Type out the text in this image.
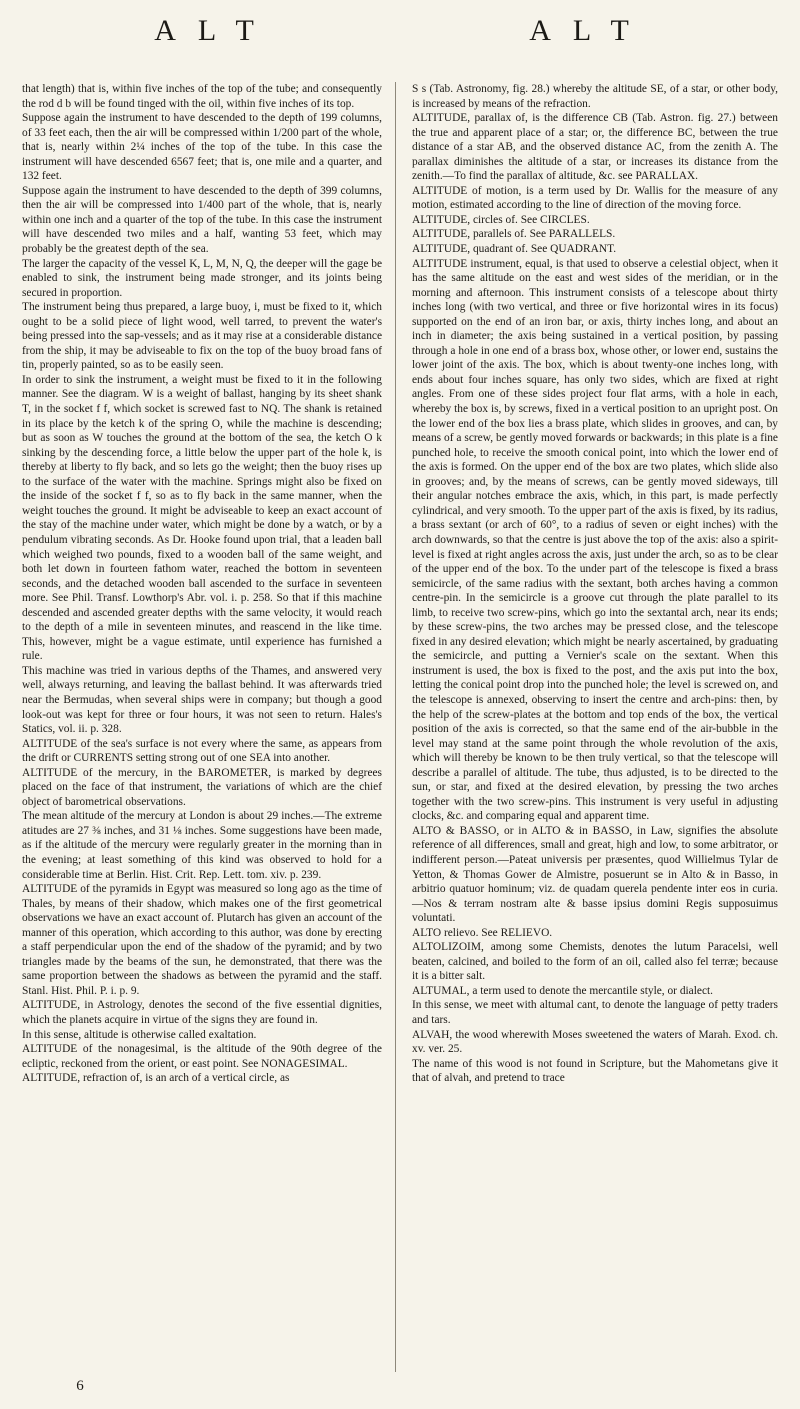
ALT	ALT

that length) that is, within five inches of the top of the tube; and consequently the rod d b will be found tinged with the oil, within five inches of its top.

Suppose again the instrument to have descended to the depth of 199 columns, of 33 feet each, then the air will be compressed within 1/200 part of the whole, that is, nearly within 2¼ inches of the top of the tube. In this case the instrument will have descended 6567 feet; that is, one mile and a quarter, and 132 feet.

Suppose again the instrument to have descended to the depth of 399 columns, then the air will be compressed into 1/400 part of the whole, that is, nearly within one inch and a quarter of the top of the tube. In this case the instrument will have descended two miles and a half, wanting 53 feet, which may probably be the greatest depth of the sea.

The larger the capacity of the vessel K, L, M, N, Q, the deeper will the gage be enabled to sink, the instrument being made stronger, and its joints being secured in proportion.

The instrument being thus prepared, a large buoy, i, must be fixed to it, which ought to be a solid piece of light wood, well tarred, to prevent the water's being pressed into the sap-vessels; and as it may rise at a considerable distance from the ship, it may be adviseable to fix on the top of the buoy broad fans of tin, properly painted, so as to be easily seen.

In order to sink the instrument, a weight must be fixed to it in the following manner. See the diagram. W is a weight of ballast, hanging by its sheet shank T, in the socket f f, which socket is screwed fast to NQ. The shank is retained in its place by the ketch k of the spring O, while the machine is descending; but as soon as W touches the ground at the bottom of the sea, the ketch O k sinking by the descending force, a little below the upper part of the hole k, is thereby at liberty to fly back, and so lets go the weight; then the buoy rises up to the surface of the water with the machine. Springs might also be fixed on the inside of the socket f f, so as to fly back in the same manner, when the weight touches the ground. It might be adviseable to keep an exact account of the stay of the machine under water, which might be done by a watch, or by a pendulum vibrating seconds. As Dr. Hooke found upon trial, that a leaden ball which weighed two pounds, fixed to a wooden ball of the same weight, and both let down in fourteen fathom water, reached the bottom in seventeen seconds, and the detached wooden ball ascended to the surface in seventeen more. See Phil. Transf. Lowthorp's Abr. vol. i. p. 258. So that if this machine descended and ascended greater depths with the same velocity, it would reach to the depth of a mile in seventeen minutes, and reascend in the like time. This, however, might be a vague estimate, until experience has furnished a rule.

This machine was tried in various depths of the Thames, and answered very well, always returning, and leaving the ballast behind. It was afterwards tried near the Bermudas, when several ships were in company; but though a good look-out was kept for three or four hours, it was not seen to return. Hales's Statics, vol. ii. p. 328.

ALTITUDE of the sea's surface is not every where the same, as appears from the drift or CURRENTS setting strong out of one SEA into another.

ALTITUDE of the mercury, in the BAROMETER, is marked by degrees placed on the face of that instrument, the variations of which are the chief object of barometrical observations.

The mean altitude of the mercury at London is about 29 inches.—The extreme atitudes are 27 ⅜ inches, and 31 ⅛ inches. Some suggestions have been made, as if the altitude of the mercury were regularly greater in the morning than in the evening; at least something of this kind was observed to hold for a considerable time at Berlin. Hist. Crit. Rep. Lett. tom. xiv. p. 239.

ALTITUDE of the pyramids in Egypt was measured so long ago as the time of Thales, by means of their shadow, which makes one of the first geometrical observations we have an exact account of. Plutarch has given an account of the manner of this operation, which according to this author, was done by erecting a staff perpendicular upon the end of the shadow of the pyramid; and by two triangles made by the beams of the sun, he demonstrated, that there was the same proportion between the shadows as between the pyramid and the staff. Stanl. Hist. Phil. P. i. p. 9.

ALTITUDE, in Astrology, denotes the second of the five essential dignities, which the planets acquire in virtue of the signs they are found in.

In this sense, altitude is otherwise called exaltation.

ALTITUDE of the nonagesimal, is the altitude of the 90th degree of the ecliptic, reckoned from the orient, or east point. See NONAGESIMAL.

ALTITUDE, refraction of, is an arch of a vertical circle, as

S s (Tab. Astronomy, fig. 28.) whereby the altitude SE, of a star, or other body, is increased by means of the refraction.

ALTITUDE, parallax of, is the difference CB (Tab. Astron. fig. 27.) between the true and apparent place of a star; or, the difference BC, between the true distance of a star AB, and the observed distance AC, from the zenith A. The parallax diminishes the altitude of a star, or increases its distance from the zenith.—To find the parallax of altitude, &c. see PARALLAX.

ALTITUDE of motion, is a term used by Dr. Wallis for the measure of any motion, estimated according to the line of direction of the moving force.

ALTITUDE, circles of. See CIRCLES.

ALTITUDE, parallels of. See PARALLELS.

ALTITUDE, quadrant of. See QUADRANT.

ALTITUDE instrument, equal, is that used to observe a celestial object, when it has the same altitude on the east and west sides of the meridian, or in the morning and afternoon. This instrument consists of a telescope about thirty inches long (with two vertical, and three or five horizontal wires in its focus) supported on the end of an iron bar, or axis, thirty inches long, and about an inch in diameter; the axis being sustained in a vertical position, by passing through a hole in one end of a brass box, whose other, or lower end, sustains the lower joint of the axis. The box, which is about twenty-one inches long, with ends about four inches square, has only two sides, which are fixed at right angles. From one of these sides project four flat arms, with a hole in each, whereby the box is, by screws, fixed in a vertical position to an upright post. On the lower end of the box lies a brass plate, which slides in grooves, and can, by means of a screw, be gently moved forwards or backwards; in this plate is a fine punched hole, to receive the smooth conical point, into which the lower end of the axis is formed. On the upper end of the box are two plates, which slide also in grooves; and, by the means of screws, can be gently moved sideways, till their angular notches embrace the axis, which, in this part, is made perfectly cylindrical, and very smooth. To the upper part of the axis is fixed, by its radius, a brass sextant (or arch of 60°, to a radius of seven or eight inches) with the arch downwards, so that the centre is just above the top of the axis: also a spirit-level is fixed at right angles across the axis, just under the arch, so as to be clear of the upper end of the box. To the under part of the telescope is fixed a brass semicircle, of the same radius with the sextant, both arches having a common centre-pin. In the semicircle is a groove cut through the plate parallel to its limb, to receive two screw-pins, which go into the sextantal arch, near its ends; by these screw-pins, the two arches may be pressed close, and the telescope fixed in any desired elevation; which might be nearly ascertained, by graduating the semicircle, and putting a Vernier's scale on the sextant. When this instrument is used, the box is fixed to the post, and the axis put into the box, letting the conical point drop into the punched hole; the level is screwed on, and the telescope is annexed, observing to insert the centre and arch-pins: then, by the help of the screw-plates at the bottom and top ends of the box, the vertical position of the axis is corrected, so that the same end of the air-bubble in the level may stand at the same point through the whole revolution of the axis, which will thereby be known to be then truly vertical, so that the telescope will describe a parallel of altitude. The tube, thus adjusted, is to be directed to the sun, or star, and fixed at the desired elevation, by pressing the two arches together with the two screw-pins. This instrument is very useful in adjusting clocks, &c. and comparing equal and apparent time.

ALTO & BASSO, or in ALTO & in BASSO, in Law, signifies the absolute reference of all differences, small and great, high and low, to some arbitrator, or indifferent person.—Pateat universis per præsentes, quod Willielmus Tylar de Yetton, & Thomas Gower de Almistre, posuerunt se in Alto & in Basso, in arbitrio quatuor hominum; viz. de quadam querela pendente inter eos in curia.—Nos & terram nostram alte & basse ipsius domini Regis supposuimus voluntati.

ALTO relievo. See RELIEVO.

ALTOLIZOIM, among some Chemists, denotes the lutum Paracelsi, well beaten, calcined, and boiled to the form of an oil, called also fel terræ; because it is a bitter salt.

ALTUMAL, a term used to denote the mercantile style, or dialect.

In this sense, we meet with altumal cant, to denote the language of petty traders and tars.

ALVAH, the wood wherewith Moses sweetened the waters of Marah. Exod. ch. xv. ver. 25.

The name of this wood is not found in Scripture, but the Mahometans give it that of alvah, and pretend to trace

6
